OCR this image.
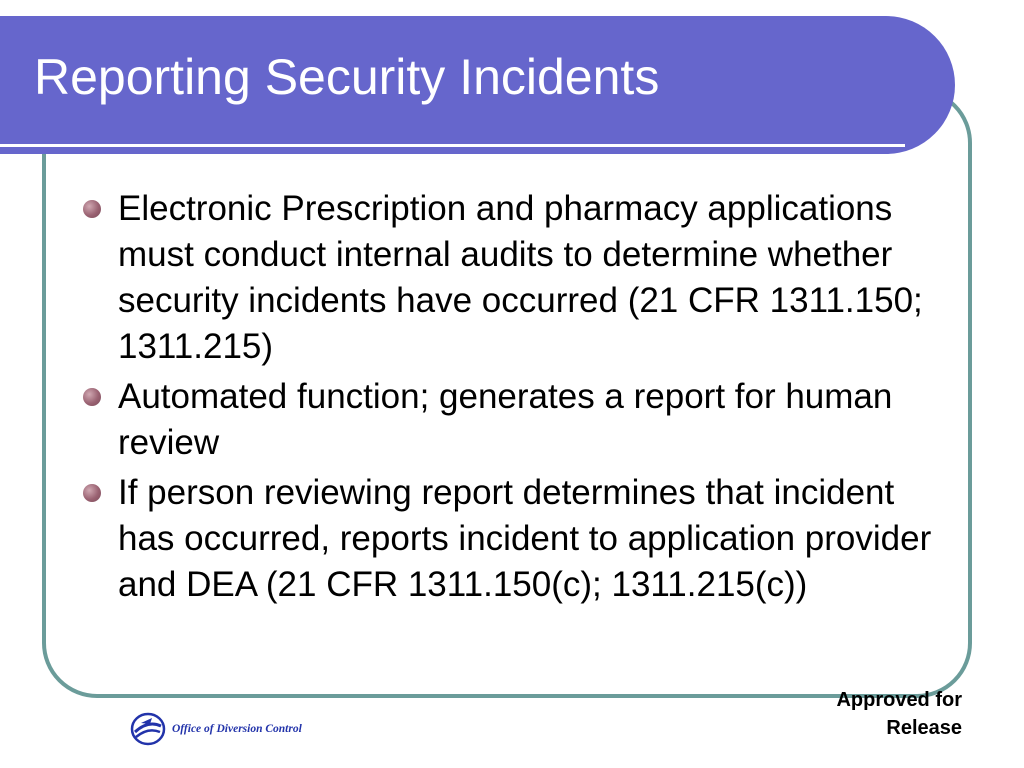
Reporting Security Incidents
Electronic Prescription and pharmacy applications must conduct internal audits to determine whether security incidents have occurred (21 CFR 1311.150; 1311.215)
Automated function; generates a report for human review
If person reviewing report determines that incident has occurred, reports incident to application provider and DEA (21 CFR 1311.150(c); 1311.215(c))
Office of Diversion Control
Approved for
Release
